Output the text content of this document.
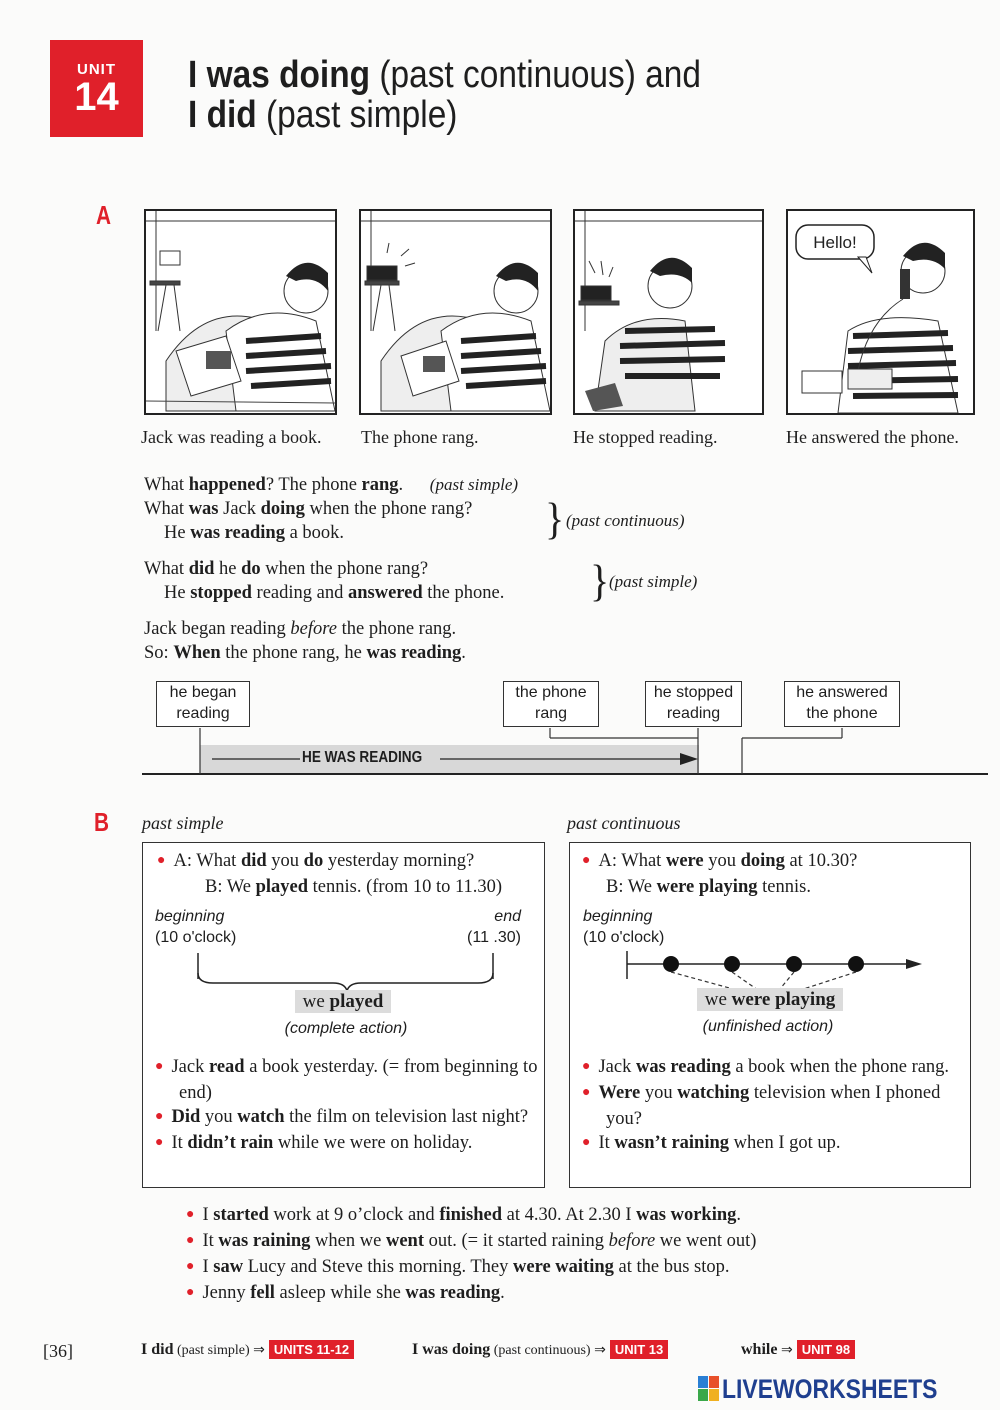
UNIT
14	I was doing (past continuous) and
I did (past simple)
A
Hello!
Jack was reading a book. The phone rang.	He stopped reading.	He answered the phone.
What happened? The phone rang. (past simple)
What was Jack doing when the phone rang?
He was reading a book.	} (past continuous)
What did he do when the phone rang?
He stopped reading and answered the phone. } (past simple)
Jack began reading before the phone rang.
So: When the phone rang, he was reading.
HE WAS READING
he began
reading
the phone
rang
he stopped
reading
he answered
the phone
B past simple	past continuous
● A: What did you do yesterday morning?
B: We played tennis. (from 10 to 11.30)
beginning
(10 o'clock)
end
(11 .30)
we played
(complete action)
● Jack read a book yesterday. (= from beginning to end)
● Did you watch the film on television last night?
● It didn’t rain while we were on holiday.
● A: What were you doing at 10.30?
B: We were playing tennis.
beginning
(10 o'clock)
we were playing
(unfinished action)
● Jack was reading a book when the phone rang.
● Were you watching television when I phoned you?
● It wasn’t raining when I got up.
● I started work at 9 o’clock and finished at 4.30. At 2.30 I was working.
● It was raining when we went out. (= it started raining before we went out)
● I saw Lucy and Steve this morning. They were waiting at the bus stop.
● Jenny fell asleep while she was reading.
[36]	I did (past simple) ⇒ UNITS 11-12	I was doing (past continuous) ⇒ UNIT 13	while ⇒ UNIT 98
LIVEWORKSHEETS
